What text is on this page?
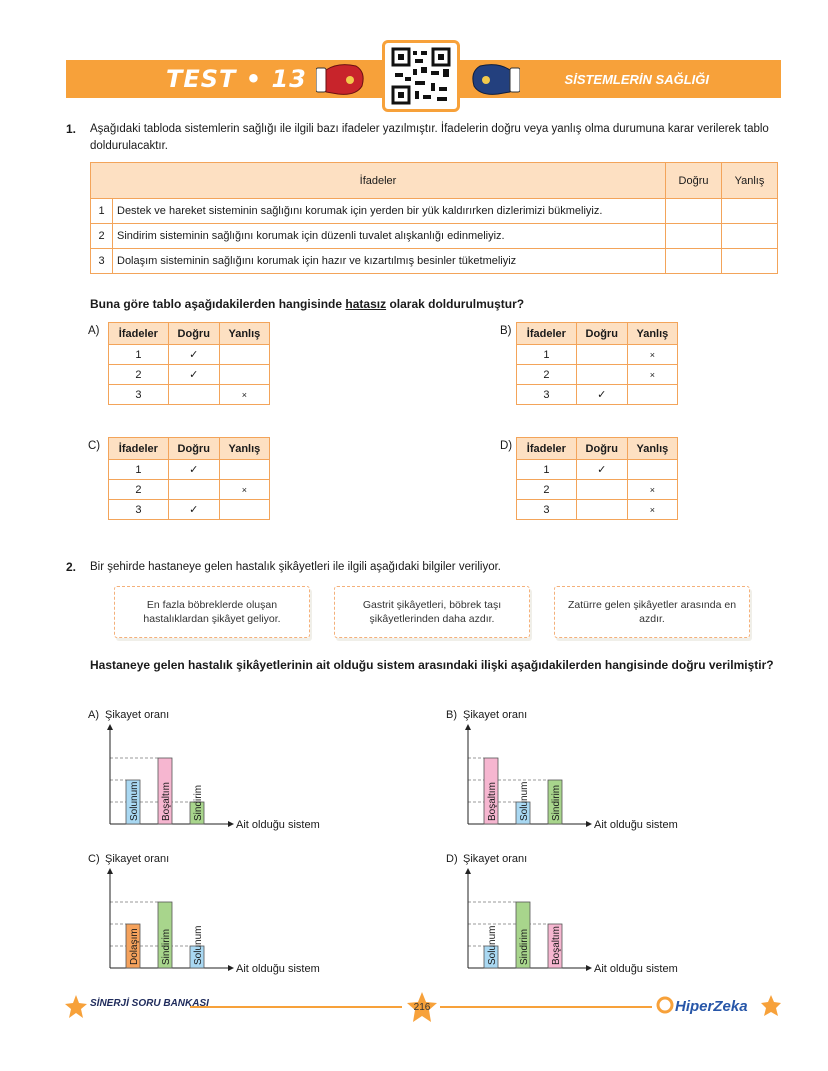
TEST • 13	SİSTEMLERİN SAĞLIĞI
1. Aşağıdaki tabloda sistemlerin sağlığı ile ilgili bazı ifadeler yazılmıştır. İfadelerin doğru veya yanlış olma durumuna karar verilerek tablo doldurulacaktır.
İfadeler		Doğru	Yanlış
1	Destek ve hareket sisteminin sağlığını korumak için yerden bir yük kaldırırken dizlerimizi bükmeliyiz.		
2	Sindirim sisteminin sağlığını korumak için düzenli tuvalet alışkanlığı edinmeliyiz.		
3	Dolaşım sisteminin sağlığını korumak için hazır ve kızartılmış besinler tüketmeliyiz		
Buna göre tablo aşağıdakilerden hangisinde hatasız olarak doldurulmuştur?
A) İfadeler	Doğru	Yanlış
1	✓	
2	✓	
3		×
B) İfadeler	Doğru	Yanlış
1		×
2		×
3	✓	
C) İfadeler	Doğru	Yanlış
1	✓	
2		×
3	✓	
D) İfadeler	Doğru	Yanlış
1	✓	
2		×
3		×
2. Bir şehirde hastaneye gelen hastalık şikâyetleri ile ilgili aşağıdaki bilgiler veriliyor.
En fazla böbreklerde oluşan hastalıklardan şikâyet geliyor.
Gastrit şikâyetleri, böbrek taşı şikâyetlerinden daha azdır.
Zatürre gelen şikâyetler arasında en azdır.
Hastaneye gelen hastalık şikâyetlerinin ait olduğu sistem arasındaki ilişki aşağıdakilerden hangisinde doğru verilmiştir?
A) Şikayet oranı
Ait olduğu sistem
Solunum Boşaltım Sindirim
B) Şikayet oranı
Ait olduğu sistem
Boşaltım Solunum Sindirim
C) Şikayet oranı
Ait olduğu sistem
Dolaşım Sindirim Solunum
D) Şikayet oranı
Ait olduğu sistem
Solunum Sindirim Boşaltım
SİNERJİ SORU BANKASI	216	HiperZeka
